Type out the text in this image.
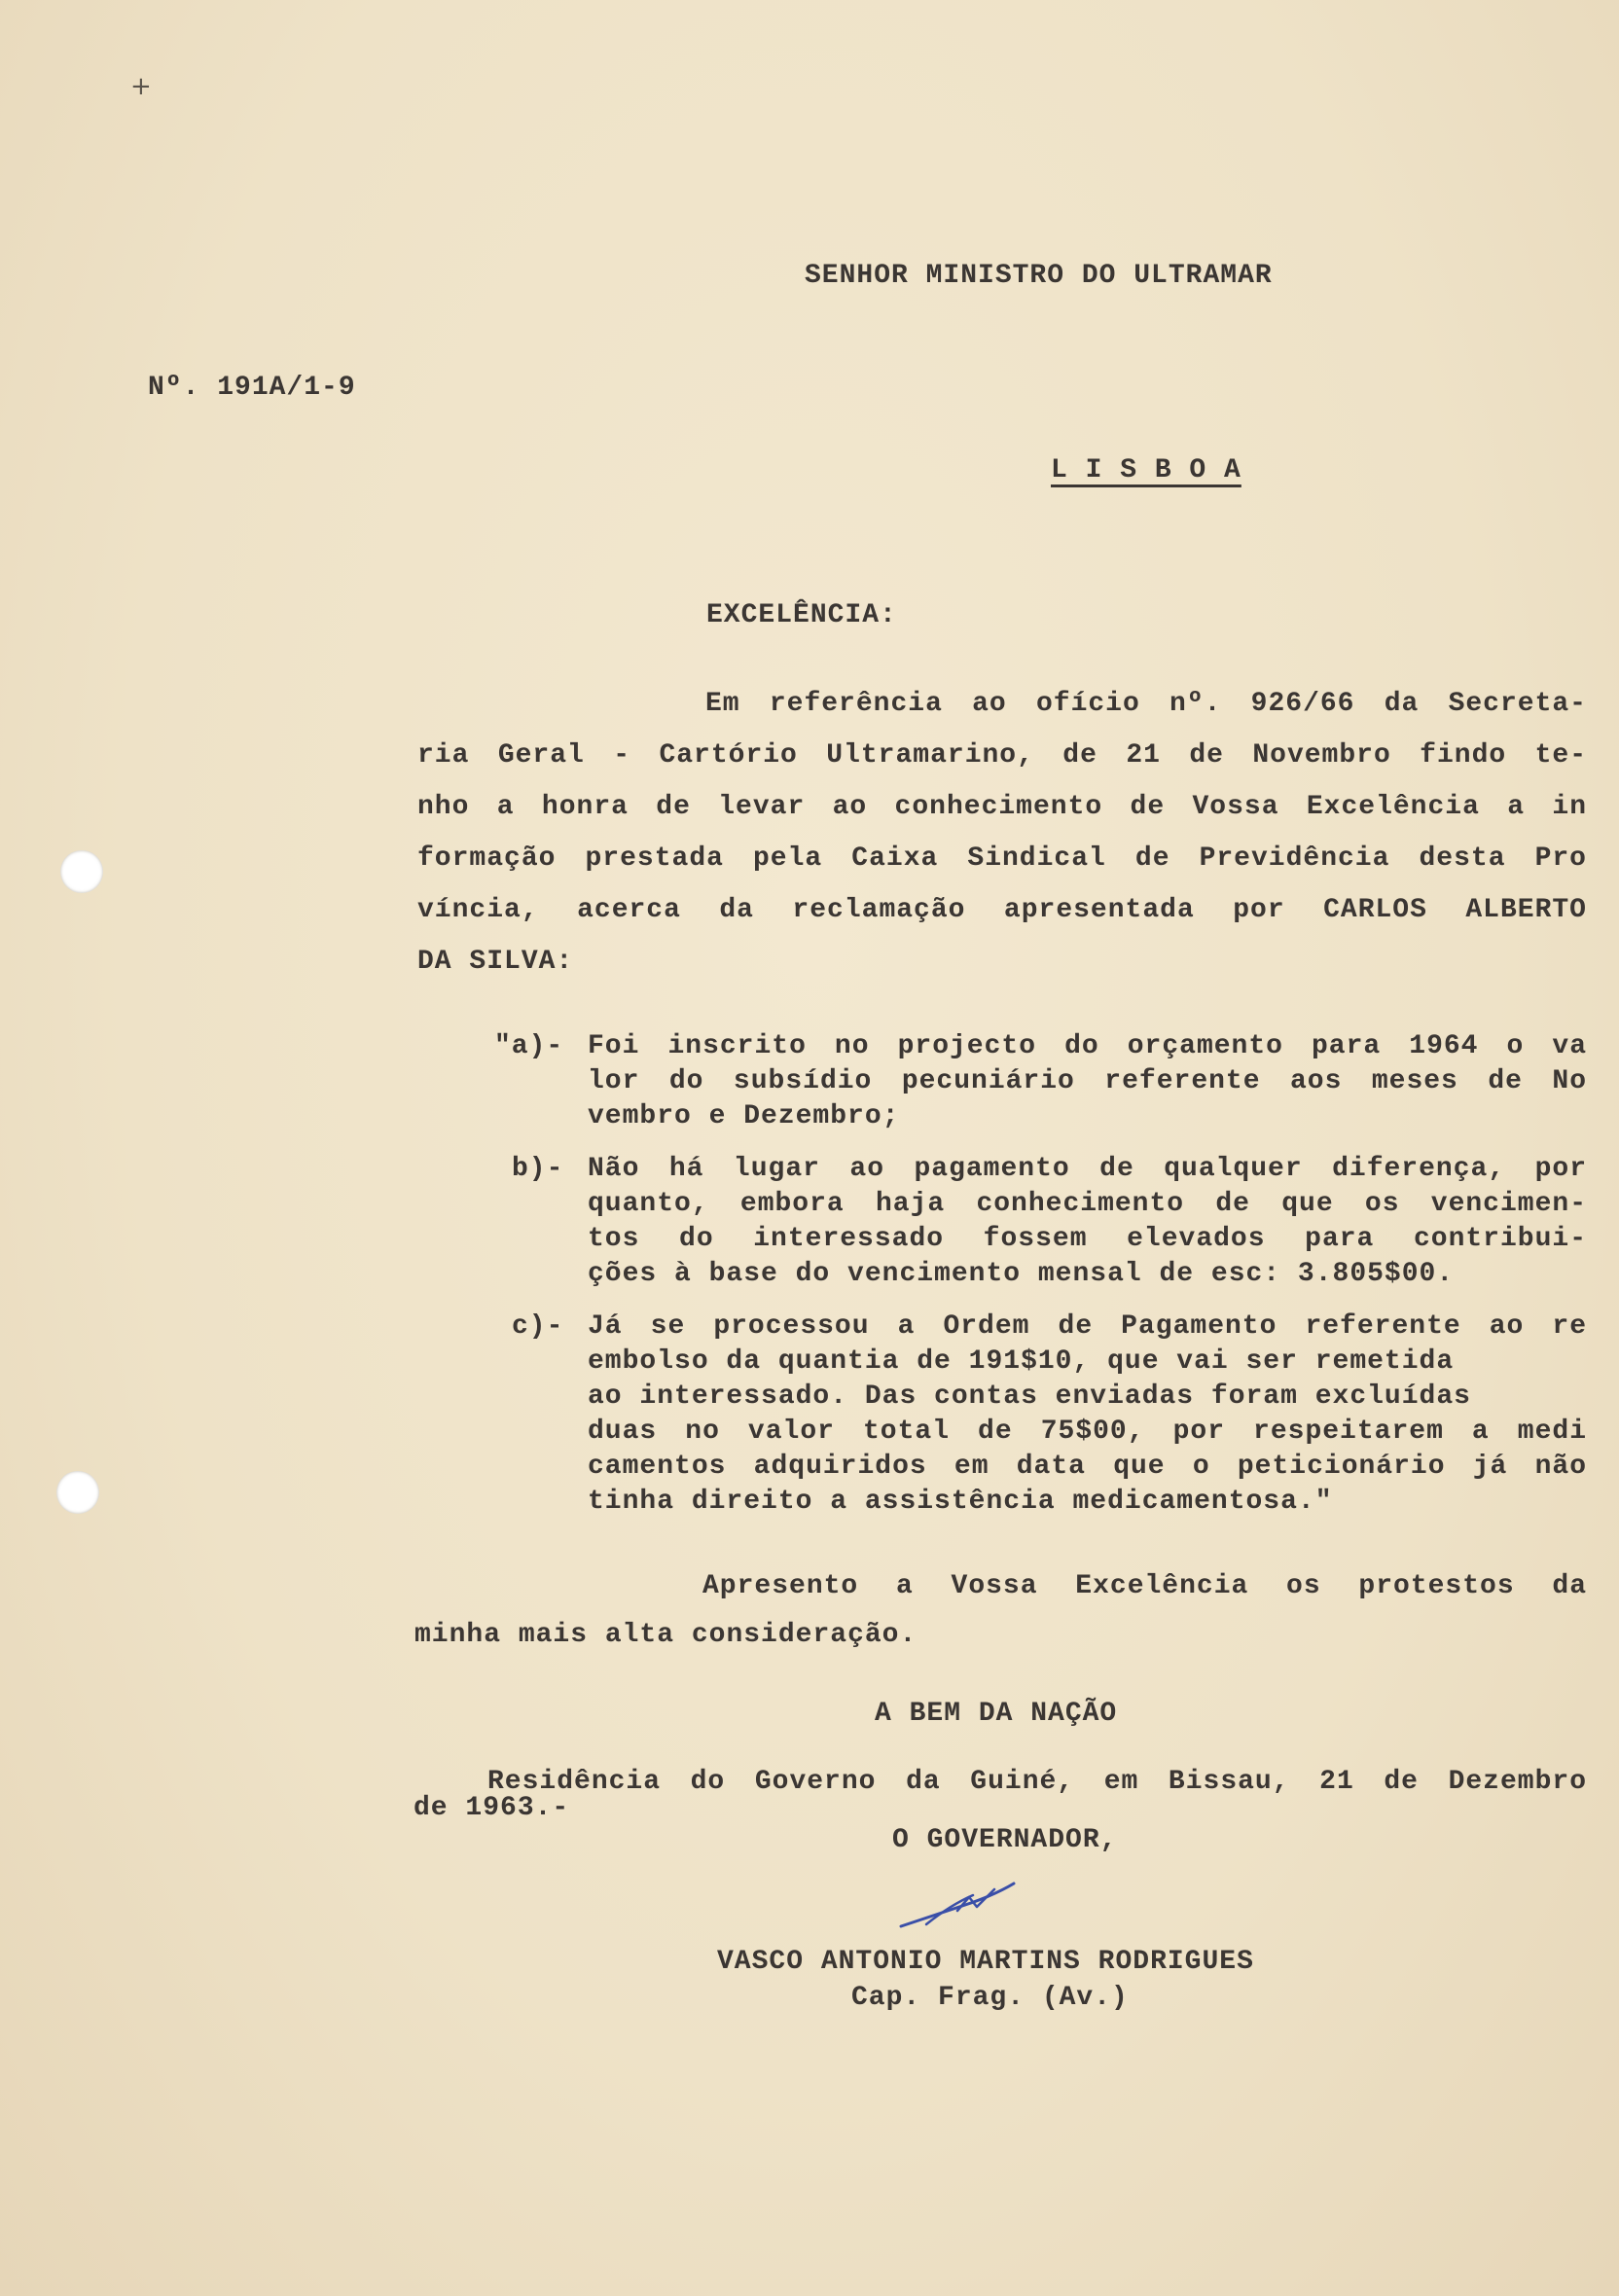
+
SENHOR MINISTRO DO ULTRAMAR
Nº. 191A/1-9
L I S B O A
EXCELÊNCIA:
Em referência ao ofício nº. 926/66 da Secreta-
ria Geral - Cartório Ultramarino, de 21 de Novembro findo te-
nho a honra de levar ao conhecimento de Vossa Excelência a in
formação prestada pela Caixa Sindical de Previdência desta Pro
víncia, acerca da reclamação apresentada por CARLOS ALBERTO
DA SILVA:
"a)- Foi inscrito no projecto do orçamento para 1964 o va
lor do subsídio pecuniário referente aos meses de No
vembro e Dezembro;
b)- Não há lugar ao pagamento de qualquer diferença, por
quanto, embora haja conhecimento de que os vencimen-
tos do interessado fossem elevados para contribui-
ções à base do vencimento mensal de esc: 3.805$00.
c)- Já se processou a Ordem de Pagamento referente ao re
embolso da quantia de 191$10, que vai ser remetida
ao interessado. Das contas enviadas foram excluídas
duas no valor total de 75$00, por respeitarem a medi
camentos adquiridos em data que o peticionário já não
tinha direito a assistência medicamentosa."
Apresento a Vossa Excelência os protestos da
minha mais alta consideração.
A BEM DA NAÇÃO
Residência do Governo da Guiné, em Bissau, 21 de Dezembro
de 1963.-
O GOVERNADOR,
VASCO ANTONIO MARTINS RODRIGUES
Cap. Frag. (Av.)
